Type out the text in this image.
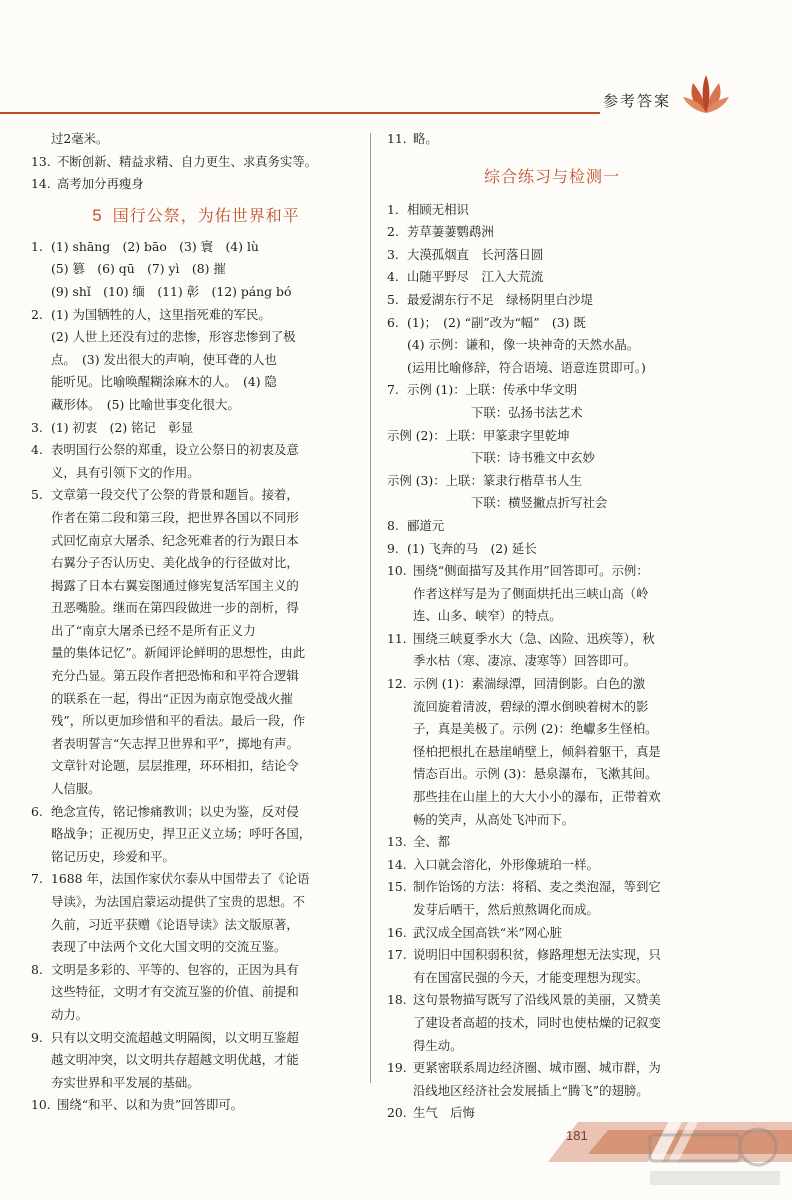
参考答案
过2毫米。
13. 不断创新、精益求精、自力更生、求真务实等。
14. 高考加分再瘦身
5 国行公祭，为佑世界和平
1. (1) shāng　(2) bāo　(3) 寰　(4) lù
(5) 篡　(6) qū　(7) yì　(8) 摧
(9) shǐ　(10) 缅　(11) 彰　(12) páng bó
2. (1) 为国牺牲的人，这里指死难的军民。
(2) 人世上还没有过的悲惨，形容悲惨到了极
点。　(3) 发出很大的声响，使耳聋的人也
能听见。比喻唤醒糊涂麻木的人。　(4) 隐
藏形体。　(5) 比喻世事变化很大。
3. (1) 初衷　(2) 铭记　彰显
4. 表明国行公祭的郑重，设立公祭日的初衷及意
义，具有引领下文的作用。
5. 文章第一段交代了公祭的背景和题旨。接着，
作者在第二段和第三段，把世界各国以不同形
式回忆南京大屠杀、纪念死难者的行为跟日本
右翼分子否认历史、美化战争的行径做对比，
揭露了日本右翼妄图通过修宪复活军国主义的
丑恶嘴脸。继而在第四段做进一步的剖析，得
出了“南京大屠杀已经不是所有正义力
量的集体记忆”。新闻评论鲜明的思想性，由此
充分凸显。第五段作者把恐怖和和平符合逻辑
的联系在一起，得出“正因为南京饱受战火摧
残”，所以更加珍惜和平的看法。最后一段，作
者表明誓言“矢志捍卫世界和平”，掷地有声。
文章针对论题，层层推理，环环相扣，结论令
人信服。
6. 绝念宣传，铭记惨痛教训；以史为鉴，反对侵
略战争；正视历史，捍卫正义立场；呼吁各国，
铭记历史，珍爱和平。
7. 1688 年，法国作家伏尔泰从中国带去了《论语
导读》，为法国启蒙运动提供了宝贵的思想。不
久前，习近平获赠《论语导读》法文版原著，
表现了中法两个文化大国文明的交流互鉴。
8. 文明是多彩的、平等的、包容的，正因为具有
这些特征，文明才有交流互鉴的价值、前提和
动力。
9. 只有以文明交流超越文明隔阂，以文明互鉴超
越文明冲突，以文明共存超越文明优越，才能
夯实世界和平发展的基础。
10. 围绕“和平、以和为贵”回答即可。
11. 略。
综合练习与检测一
1. 相顾无相识
2. 芳草萋萋鹦鹉洲
3. 大漠孤烟直　长河落日圆
4. 山随平野尽　江入大荒流
5. 最爱湖东行不足　绿杨阴里白沙堤
6. (1)；　(2) “副”改为“幅”　(3) 既
(4) 示例：谦和，像一块神奇的天然水晶。
(运用比喻修辞，符合语境、语意连贯即可。)
7. 示例 (1)：上联：传承中华文明
下联：弘扬书法艺术
示例 (2)：上联：甲篆隶字里乾坤
下联：诗书雅文中玄妙
示例 (3)：上联：篆隶行楷草书人生
下联：横竖撇点折写社会
8. 郦道元
9. (1) 飞奔的马　(2) 延长
10. 围绕“侧面描写及其作用”回答即可。示例：
作者这样写是为了侧面烘托出三峡山高（岭
连、山多、峡窄）的特点。
11. 围绕三峡夏季水大（急、凶险、迅疾等），秋
季水枯（寒、凄凉、凄寒等）回答即可。
12. 示例 (1)：素湍绿潭，回清倒影。白色的激
流回旋着清波，碧绿的潭水倒映着树木的影
子，真是美极了。示例 (2)：绝巘多生怪柏。
怪柏把根扎在悬崖峭壁上，倾斜着躯干，真是
情态百出。示例 (3)：悬泉瀑布，飞漱其间。
那些挂在山崖上的大大小小的瀑布，正带着欢
畅的笑声，从高处飞冲而下。
13. 全、都
14. 入口就会溶化，外形像琥珀一样。
15. 制作饴饧的方法：将稻、麦之类泡湿，等到它
发芽后晒干，然后煎熬调化而成。
16. 武汉成全国高铁“米”网心脏
17. 说明旧中国积弱积贫，修路理想无法实现，只
有在国富民强的今天，才能变理想为现实。
18. 这句景物描写既写了沿线风景的美丽，又赞美
了建设者高超的技术，同时也使枯燥的记叙变
得生动。
19. 更紧密联系周边经济圈、城市圈、城市群，为
沿线地区经济社会发展插上“腾飞”的翅膀。
20. 生气　后悔
181
